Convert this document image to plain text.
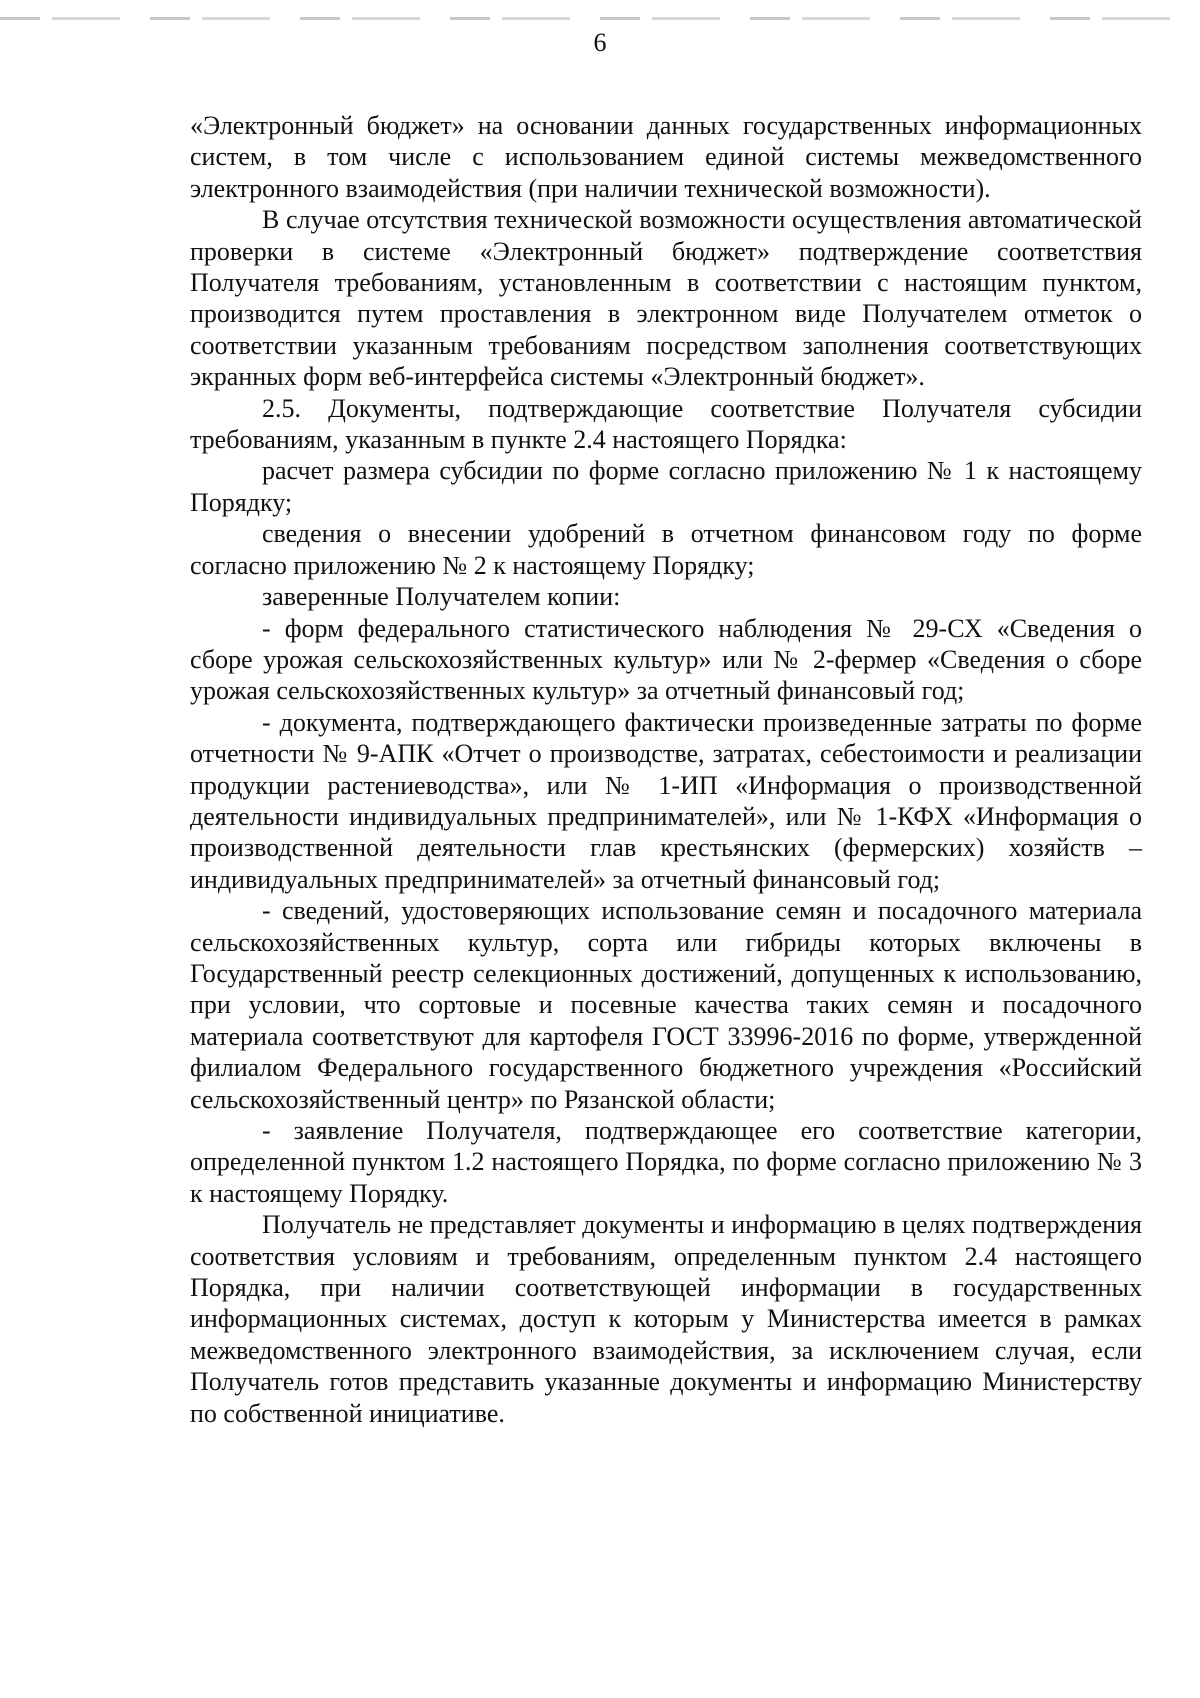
6

«Электронный бюджет» на основании данных государственных информационных систем, в том числе с использованием единой системы межведомственного электронного взаимодействия (при наличии технической возможности).

В случае отсутствия технической возможности осуществления автоматической проверки в системе «Электронный бюджет» подтверждение соответствия Получателя требованиям, установленным в соответствии с настоящим пунктом, производится путем проставления в электронном виде Получателем отметок о соответствии указанным требованиям посредством заполнения соответствующих экранных форм веб-интерфейса системы «Электронный бюджет».

2.5. Документы, подтверждающие соответствие Получателя субсидии требованиям, указанным в пункте 2.4 настоящего Порядка:

расчет размера субсидии по форме согласно приложению № 1 к настоящему Порядку;

сведения о внесении удобрений в отчетном финансовом году по форме согласно приложению № 2 к настоящему Порядку;

заверенные Получателем копии:

- форм федерального статистического наблюдения № 29-СХ «Сведения о сборе урожая сельскохозяйственных культур» или № 2-фермер «Сведения о сборе урожая сельскохозяйственных культур» за отчетный финансовый год;

- документа, подтверждающего фактически произведенные затраты по форме отчетности № 9-АПК «Отчет о производстве, затратах, себестоимости и реализации продукции растениеводства», или № 1-ИП «Информация о производственной деятельности индивидуальных предпринимателей», или № 1-КФХ «Информация о производственной деятельности глав крестьянских (фермерских) хозяйств – индивидуальных предпринимателей» за отчетный финансовый год;

- сведений, удостоверяющих использование семян и посадочного материала сельскохозяйственных культур, сорта или гибриды которых включены в Государственный реестр селекционных достижений, допущенных к использованию, при условии, что сортовые и посевные качества таких семян и посадочного материала соответствуют для картофеля ГОСТ 33996-2016 по форме, утвержденной филиалом Федерального государственного бюджетного учреждения «Российский сельскохозяйственный центр» по Рязанской области;

- заявление Получателя, подтверждающее его соответствие категории, определенной пунктом 1.2 настоящего Порядка, по форме согласно приложению № 3 к настоящему Порядку.

Получатель не представляет документы и информацию в целях подтверждения соответствия условиям и требованиям, определенным пунктом 2.4 настоящего Порядка, при наличии соответствующей информации в государственных информационных системах, доступ к которым у Министерства имеется в рамках межведомственного электронного взаимодействия, за исключением случая, если Получатель готов представить указанные документы и информацию Министерству по собственной инициативе.
